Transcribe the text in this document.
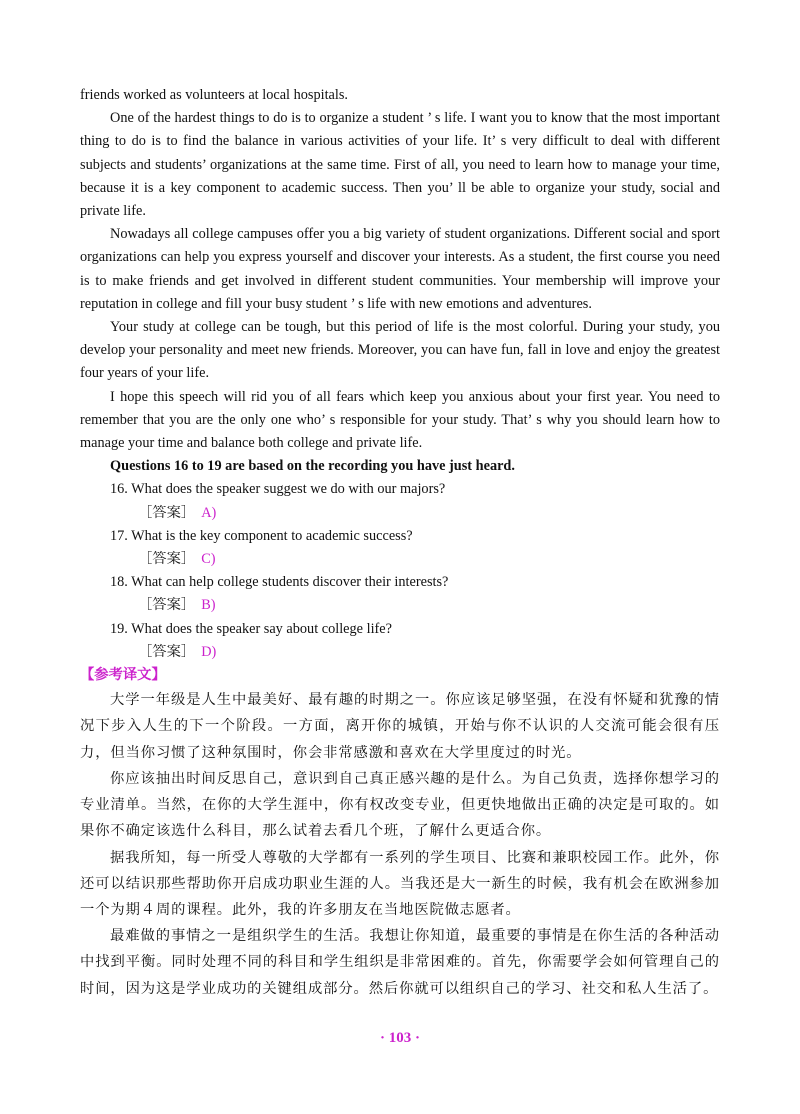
friends worked as volunteers at local hospitals.

One of the hardest things to do is to organize a student ’ s life. I want you to know that the most important thing to do is to find the balance in various activities of your life. It’ s very difficult to deal with different subjects and students’ organizations at the same time. First of all, you need to learn how to manage your time, because it is a key component to academic success. Then you’ ll be able to organize your study, social and private life.

Nowadays all college campuses offer you a big variety of student organizations. Different social and sport organizations can help you express yourself and discover your interests. As a student, the first course you need is to make friends and get involved in different student communities. Your membership will improve your reputation in college and fill your busy student ’ s life with new emotions and adventures.

Your study at college can be tough, but this period of life is the most colorful. During your study, you develop your personality and meet new friends. Moreover, you can have fun, fall in love and enjoy the greatest four years of your life.

I hope this speech will rid you of all fears which keep you anxious about your first year. You need to remember that you are the only one who’ s responsible for your study. That’ s why you should learn how to manage your time and balance both college and private life.

Questions 16 to 19 are based on the recording you have just heard.

16. What does the speaker suggest we do with our majors?

［答案］ A)

17. What is the key component to academic success?

［答案］ C)

18. What can help college students discover their interests?

［答案］ B)

19. What does the speaker say about college life?

［答案］ D)

【参考译文】

大学一年级是人生中最美好、最有趣的时期之一。你应该足够坚强，在没有怀疑和犹豫的情况下步入人生的下一个阶段。一方面，离开你的城镇，开始与你不认识的人交流可能会很有压力，但当你习惯了这种氛围时，你会非常感激和喜欢在大学里度过的时光。

你应该抽出时间反思自己，意识到自己真正感兴趣的是什么。为自己负责，选择你想学习的专业清单。当然，在你的大学生涯中，你有权改变专业，但更快地做出正确的决定是可取的。如果你不确定该选什么科目，那么试着去看几个班，了解什么更适合你。

据我所知，每一所受人尊敬的大学都有一系列的学生项目、比赛和兼职校园工作。此外，你还可以结识那些帮助你开启成功职业生涯的人。当我还是大一新生的时候，我有机会在欧洲参加一个为期４周的课程。此外，我的许多朋友在当地医院做志愿者。

最难做的事情之一是组织学生的生活。我想让你知道，最重要的事情是在你生活的各种活动中找到平衡。同时处理不同的科目和学生组织是非常困难的。首先，你需要学会如何管理自己的时间，因为这是学业成功的关键组成部分。然后你就可以组织自己的学习、社交和私人生活了。

· 103 ·
